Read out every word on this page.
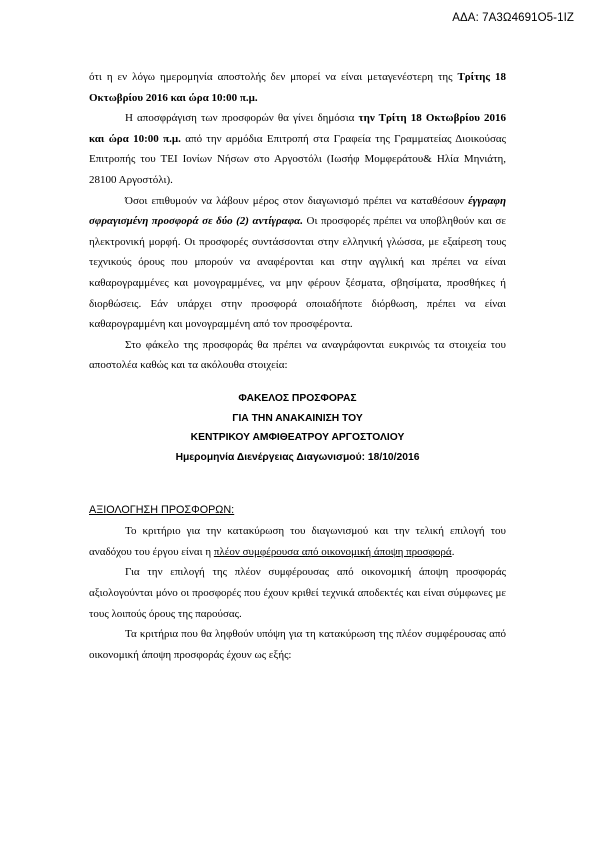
ΑΔΑ: 7Α3Ω4691Ο5-1ΙΖ

ότι η εν λόγω ημερομηνία αποστολής δεν μπορεί να είναι μεταγενέστερη της Τρίτης 18 Οκτωβρίου 2016 και ώρα 10:00 π.μ.

Η αποσφράγιση των προσφορών θα γίνει δημόσια την Τρίτη 18 Οκτωβρίου 2016 και ώρα 10:00 π.μ. από την αρμόδια Επιτροπή στα Γραφεία της Γραμματείας Διοικούσας Επιτροπής του ΤΕΙ Ιονίων Νήσων στο Αργοστόλι (Ιωσήφ Μομφεράτου& Ηλία Μηνιάτη, 28100 Αργοστόλι).

Όσοι επιθυμούν να λάβουν μέρος στον διαγωνισμό πρέπει να καταθέσουν έγγραφη σφραγισμένη προσφορά σε δύο (2) αντίγραφα. Οι προσφορές πρέπει να υποβληθούν και σε ηλεκτρονική μορφή. Οι προσφορές συντάσσονται στην ελληνική γλώσσα, με εξαίρεση τους τεχνικούς όρους που μπορούν να αναφέρονται και στην αγγλική και πρέπει να είναι καθαρογραμμένες και μονογραμμένες, να μην φέρουν ξέσματα, σβησίματα, προσθήκες ή διορθώσεις. Εάν υπάρχει στην προσφορά οποιαδήποτε διόρθωση, πρέπει να είναι καθαρογραμμένη και μονογραμμένη από τον προσφέροντα.

Στο φάκελο της προσφοράς θα πρέπει να αναγράφονται ευκρινώς τα στοιχεία του αποστολέα καθώς και τα ακόλουθα στοιχεία:

ΦΑΚΕΛΟΣ ΠΡΟΣΦΟΡΑΣ
ΓΙΑ ΤΗΝ ΑΝΑΚΑΙΝΙΣΗ ΤΟΥ
ΚΕΝΤΡΙΚΟΥ ΑΜΦΙΘΕΑΤΡΟΥ ΑΡΓΟΣΤΟΛΙΟΥ
Ημερομηνία Διενέργειας Διαγωνισμού: 18/10/2016
ΑΞΙΟΛΟΓΗΣΗ ΠΡΟΣΦΟΡΩΝ:

Το κριτήριο για την κατακύρωση του διαγωνισμού και την τελική επιλογή του αναδόχου του έργου είναι η πλέον συμφέρουσα από οικονομική άποψη προσφορά.

Για την επιλογή της πλέον συμφέρουσας από οικονομική άποψη προσφοράς αξιολογούνται μόνο οι προσφορές που έχουν κριθεί τεχνικά αποδεκτές και είναι σύμφωνες με τους λοιπούς όρους της παρούσας.

Τα κριτήρια που θα ληφθούν υπόψη για τη κατακύρωση της πλέον συμφέρουσας από οικονομική άποψη προσφοράς έχουν ως εξής:
